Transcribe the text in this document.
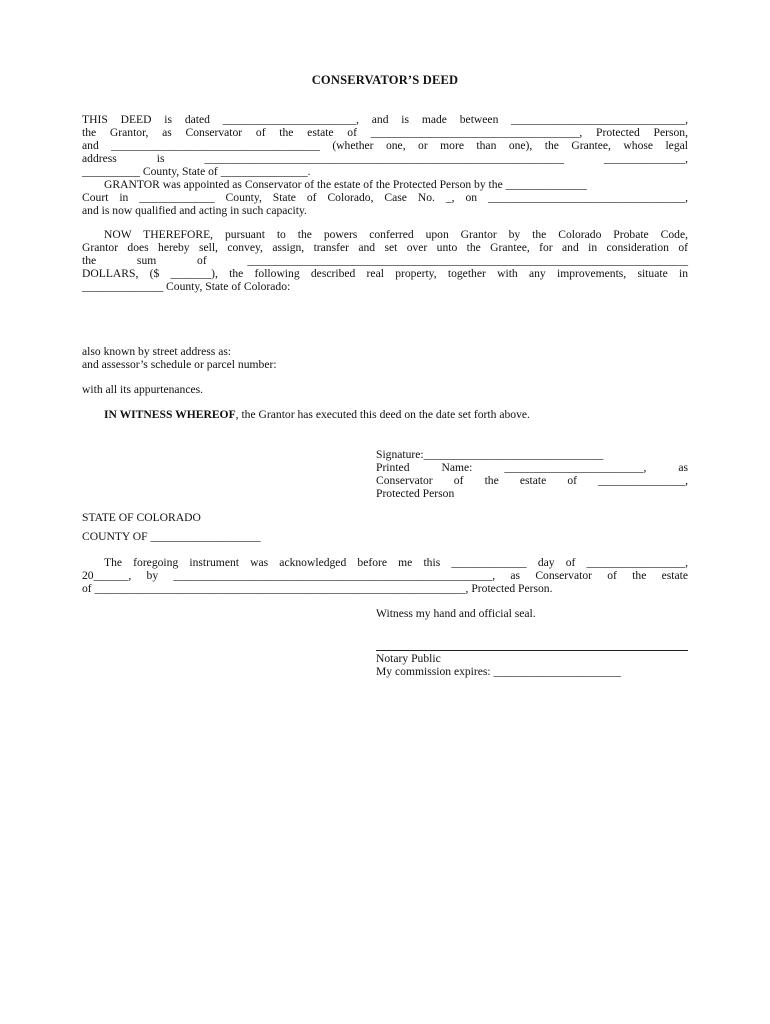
CONSERVATOR’S DEED
THIS DEED is dated _______________________, and is made between ______________________________,
the Grantor, as Conservator of the estate of ____________________________________, Protected Person,
and ____________________________________ (whether one, or more than one), the Grantee, whose legal
address is ______________________________________________________________ ______________,
__________ County, State of _______________.
GRANTOR was appointed as Conservator of the estate of the Protected Person by the ______________
Court in _____________ County, State of Colorado, Case No. _, on __________________________________,
and is now qualified and acting in such capacity.
NOW THEREFORE, pursuant to the powers conferred upon Grantor by the Colorado Probate Code,
Grantor does hereby sell, convey, assign, transfer and set over unto the Grantee, for and in consideration of
the sum of ____________________________________________________________________________
DOLLARS, ($ _______), the following described real property, together with any improvements, situate in
______________ County, State of Colorado:
also known by street address as:
and assessor’s schedule or parcel number:
with all its appurtenances.
IN WITNESS WHEREOF, the Grantor has executed this deed on the date set forth above.
Signature:_______________________________
Printed Name: ________________________, as
Conservator of the estate of _______________,
Protected Person
STATE OF COLORADO
COUNTY OF ___________________
The foregoing instrument was acknowledged before me this _____________ day of _________________,
20______, by _______________________________________________________, as Conservator of the estate
of ________________________________________________________________, Protected Person.
Witness my hand and official seal.
Notary Public
My commission expires: ______________________
